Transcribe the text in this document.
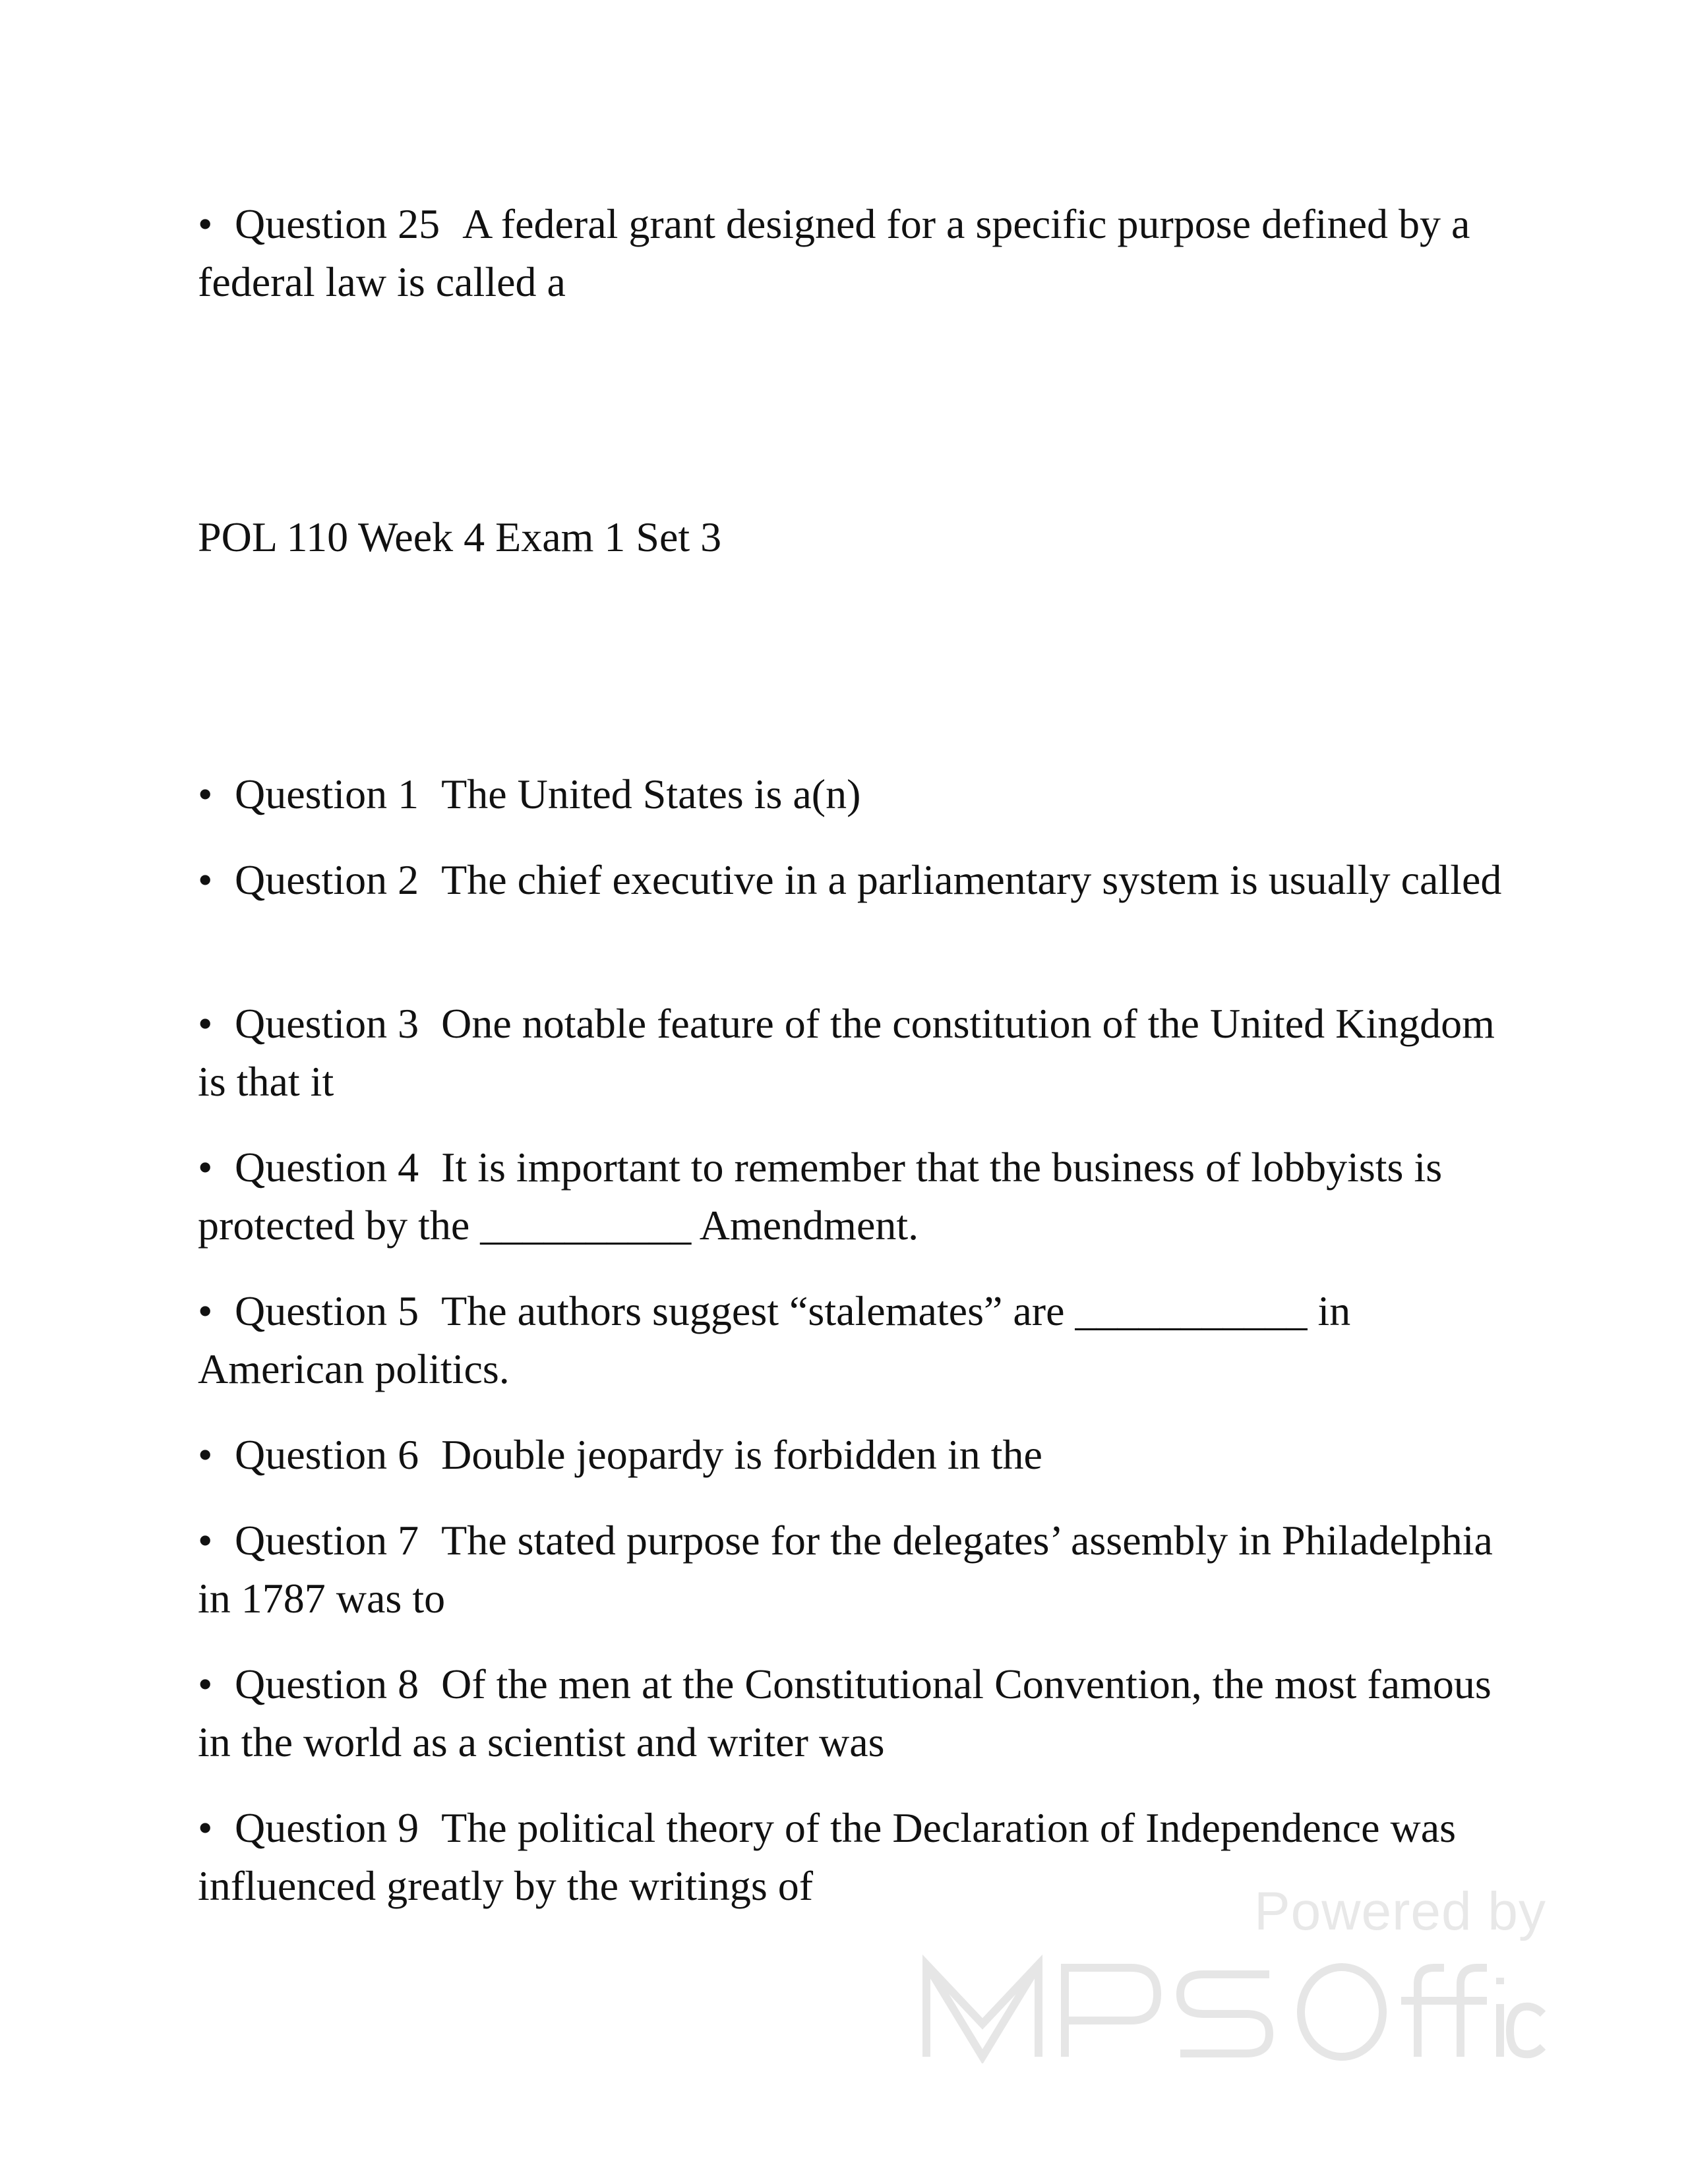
• Question 25 A federal grant designed for a specific purpose defined by a federal law is called a

POL 110 Week 4 Exam 1 Set 3

• Question 1 The United States is a(n)

• Question 2 The chief executive in a parliamentary system is usually called

• Question 3 One notable feature of the constitution of the United Kingdom is that it

• Question 4 It is important to remember that the business of lobbyists is protected by the __________ Amendment.

• Question 5 The authors suggest “stalemates” are ___________ in American politics.

• Question 6 Double jeopardy is forbidden in the

• Question 7 The stated purpose for the delegates’ assembly in Philadelphia in 1787 was to

• Question 8 Of the men at the Constitutional Convention, the most famous in the world as a scientist and writer was

• Question 9 The political theory of the Declaration of Independence was influenced greatly by the writings of	Powered by
